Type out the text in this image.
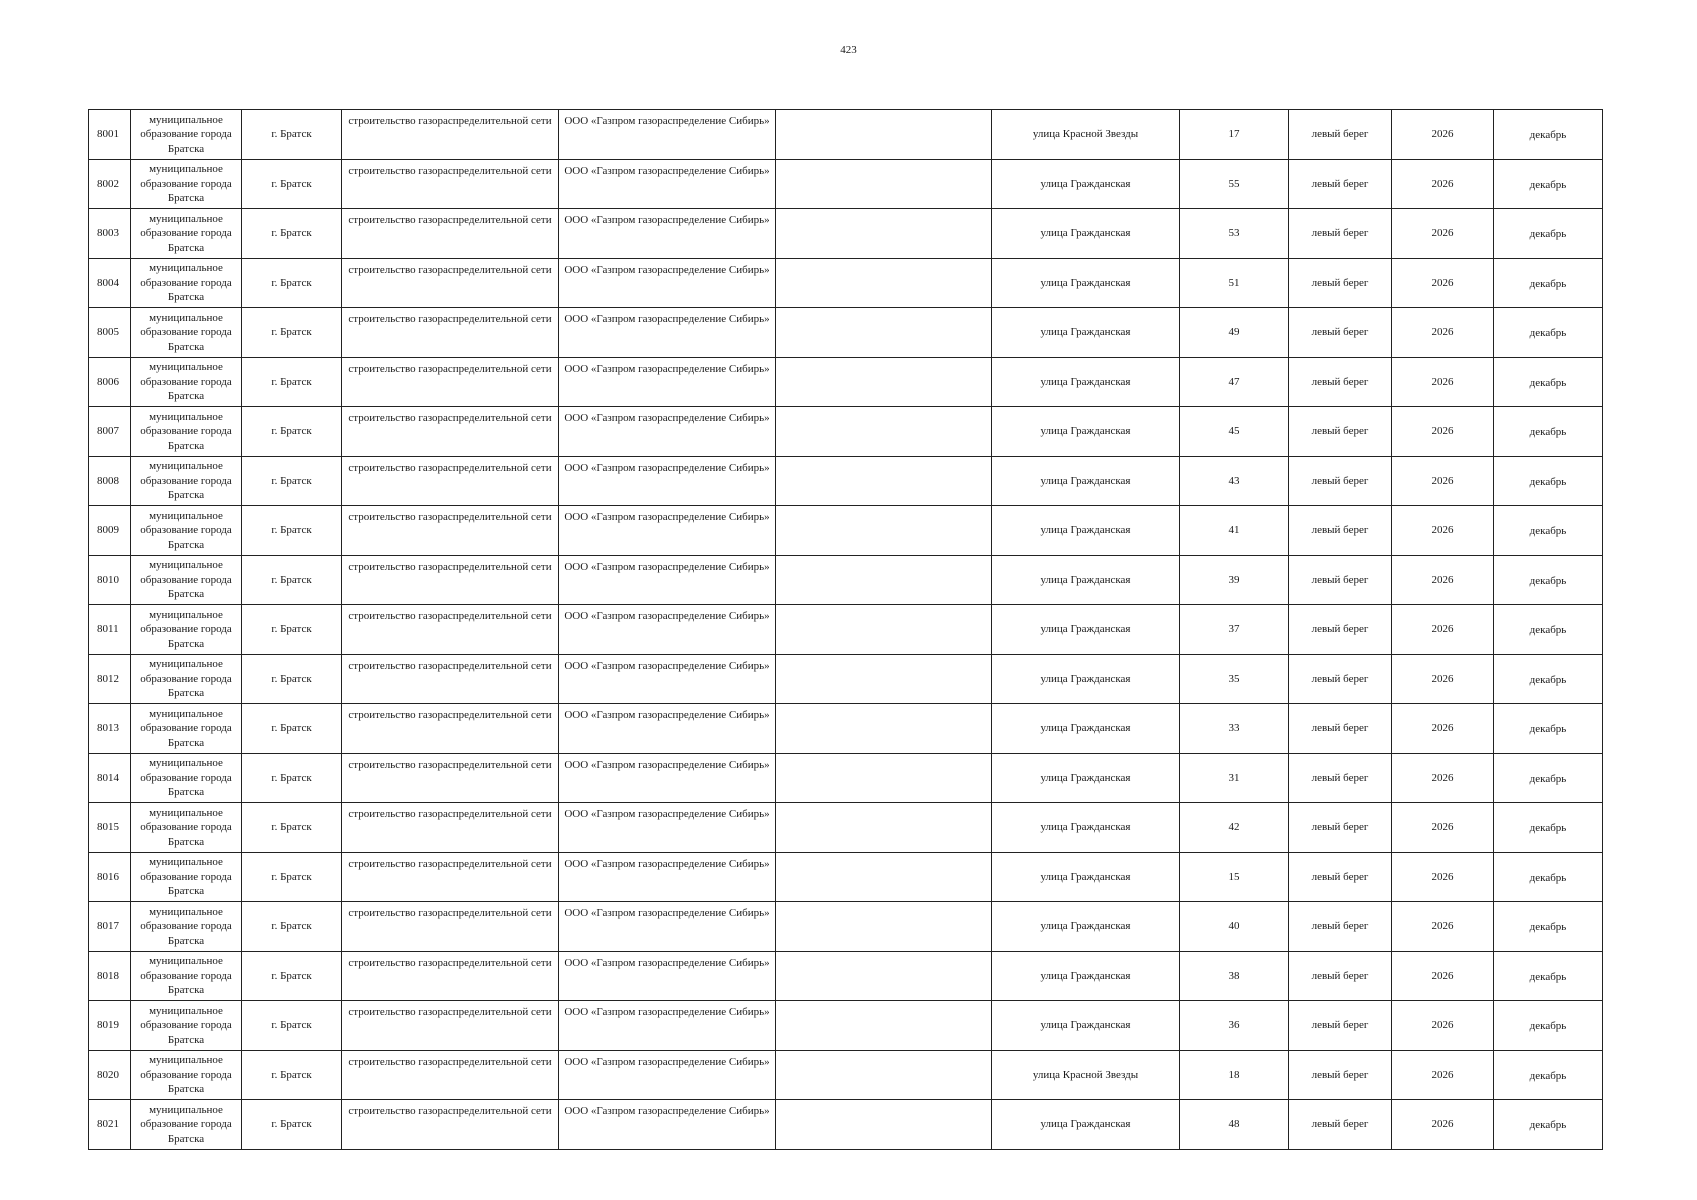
423
8001	муниципальное образование города Братска	г. Братск	строительство газораспределительной сети	ООО «Газпром газораспределение Сибирь»		улица Красной Звезды	17	левый берег	2026	декабрь
8002	муниципальное образование города Братска	г. Братск	строительство газораспределительной сети	ООО «Газпром газораспределение Сибирь»		улица Гражданская	55	левый берег	2026	декабрь
8003	муниципальное образование города Братска	г. Братск	строительство газораспределительной сети	ООО «Газпром газораспределение Сибирь»		улица Гражданская	53	левый берег	2026	декабрь
8004	муниципальное образование города Братска	г. Братск	строительство газораспределительной сети	ООО «Газпром газораспределение Сибирь»		улица Гражданская	51	левый берег	2026	декабрь
8005	муниципальное образование города Братска	г. Братск	строительство газораспределительной сети	ООО «Газпром газораспределение Сибирь»		улица Гражданская	49	левый берег	2026	декабрь
8006	муниципальное образование города Братска	г. Братск	строительство газораспределительной сети	ООО «Газпром газораспределение Сибирь»		улица Гражданская	47	левый берег	2026	декабрь
8007	муниципальное образование города Братска	г. Братск	строительство газораспределительной сети	ООО «Газпром газораспределение Сибирь»		улица Гражданская	45	левый берег	2026	декабрь
8008	муниципальное образование города Братска	г. Братск	строительство газораспределительной сети	ООО «Газпром газораспределение Сибирь»		улица Гражданская	43	левый берег	2026	декабрь
8009	муниципальное образование города Братска	г. Братск	строительство газораспределительной сети	ООО «Газпром газораспределение Сибирь»		улица Гражданская	41	левый берег	2026	декабрь
8010	муниципальное образование города Братска	г. Братск	строительство газораспределительной сети	ООО «Газпром газораспределение Сибирь»		улица Гражданская	39	левый берег	2026	декабрь
8011	муниципальное образование города Братска	г. Братск	строительство газораспределительной сети	ООО «Газпром газораспределение Сибирь»		улица Гражданская	37	левый берег	2026	декабрь
8012	муниципальное образование города Братска	г. Братск	строительство газораспределительной сети	ООО «Газпром газораспределение Сибирь»		улица Гражданская	35	левый берег	2026	декабрь
8013	муниципальное образование города Братска	г. Братск	строительство газораспределительной сети	ООО «Газпром газораспределение Сибирь»		улица Гражданская	33	левый берег	2026	декабрь
8014	муниципальное образование города Братска	г. Братск	строительство газораспределительной сети	ООО «Газпром газораспределение Сибирь»		улица Гражданская	31	левый берег	2026	декабрь
8015	муниципальное образование города Братска	г. Братск	строительство газораспределительной сети	ООО «Газпром газораспределение Сибирь»		улица Гражданская	42	левый берег	2026	декабрь
8016	муниципальное образование города Братска	г. Братск	строительство газораспределительной сети	ООО «Газпром газораспределение Сибирь»		улица Гражданская	15	левый берег	2026	декабрь
8017	муниципальное образование города Братска	г. Братск	строительство газораспределительной сети	ООО «Газпром газораспределение Сибирь»		улица Гражданская	40	левый берег	2026	декабрь
8018	муниципальное образование города Братска	г. Братск	строительство газораспределительной сети	ООО «Газпром газораспределение Сибирь»		улица Гражданская	38	левый берег	2026	декабрь
8019	муниципальное образование города Братска	г. Братск	строительство газораспределительной сети	ООО «Газпром газораспределение Сибирь»		улица Гражданская	36	левый берег	2026	декабрь
8020	муниципальное образование города Братска	г. Братск	строительство газораспределительной сети	ООО «Газпром газораспределение Сибирь»		улица Красной Звезды	18	левый берег	2026	декабрь
8021	муниципальное образование города Братска	г. Братск	строительство газораспределительной сети	ООО «Газпром газораспределение Сибирь»		улица Гражданская	48	левый берег	2026	декабрь
